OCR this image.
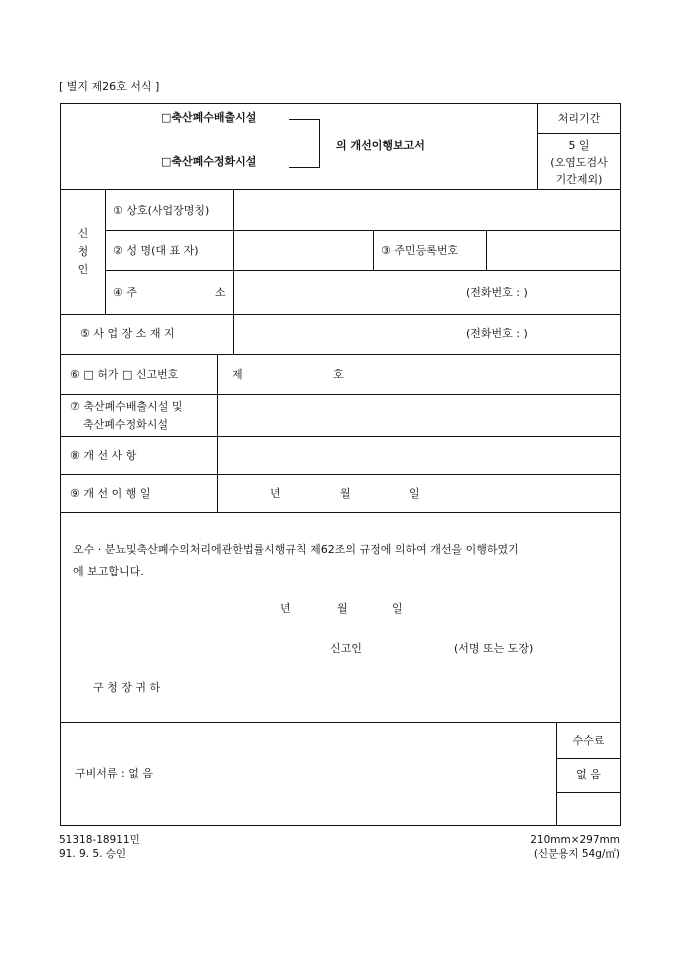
[ 별지 제26호 서식 ]
□축산폐수배출시설
□축산폐수정화시설
의 개선이행보고서
처리기간
5 일
(오염도검사
기간제외)
신
청
인
① 상호(사업장명칭)
② 성 명(대 표 자)	③ 주민등록번호
④ 주	소	(전화번호 : )
⑤ 사 업 장 소 재 지	(전화번호 : )
⑥ □ 허가 □ 신고번호	제	호
⑦ 축산폐수배출시설 및
축산폐수정화시설
⑧ 개 선 사 항
⑨ 개 선 이 행 일	년	월	일
오수 · 분뇨및축산폐수의처리에관한법률시행규칙 제62조의 규정에 의하여 개선을 이행하였기
에 보고합니다.
년	월	일
신고인	(서명 또는 도장)
구 청 장 귀 하
구비서류 : 없 음
수수료
없 음
51318-18911민
91. 9. 5. 승인
210mm×297mm
(신문용지 54g/㎡)
